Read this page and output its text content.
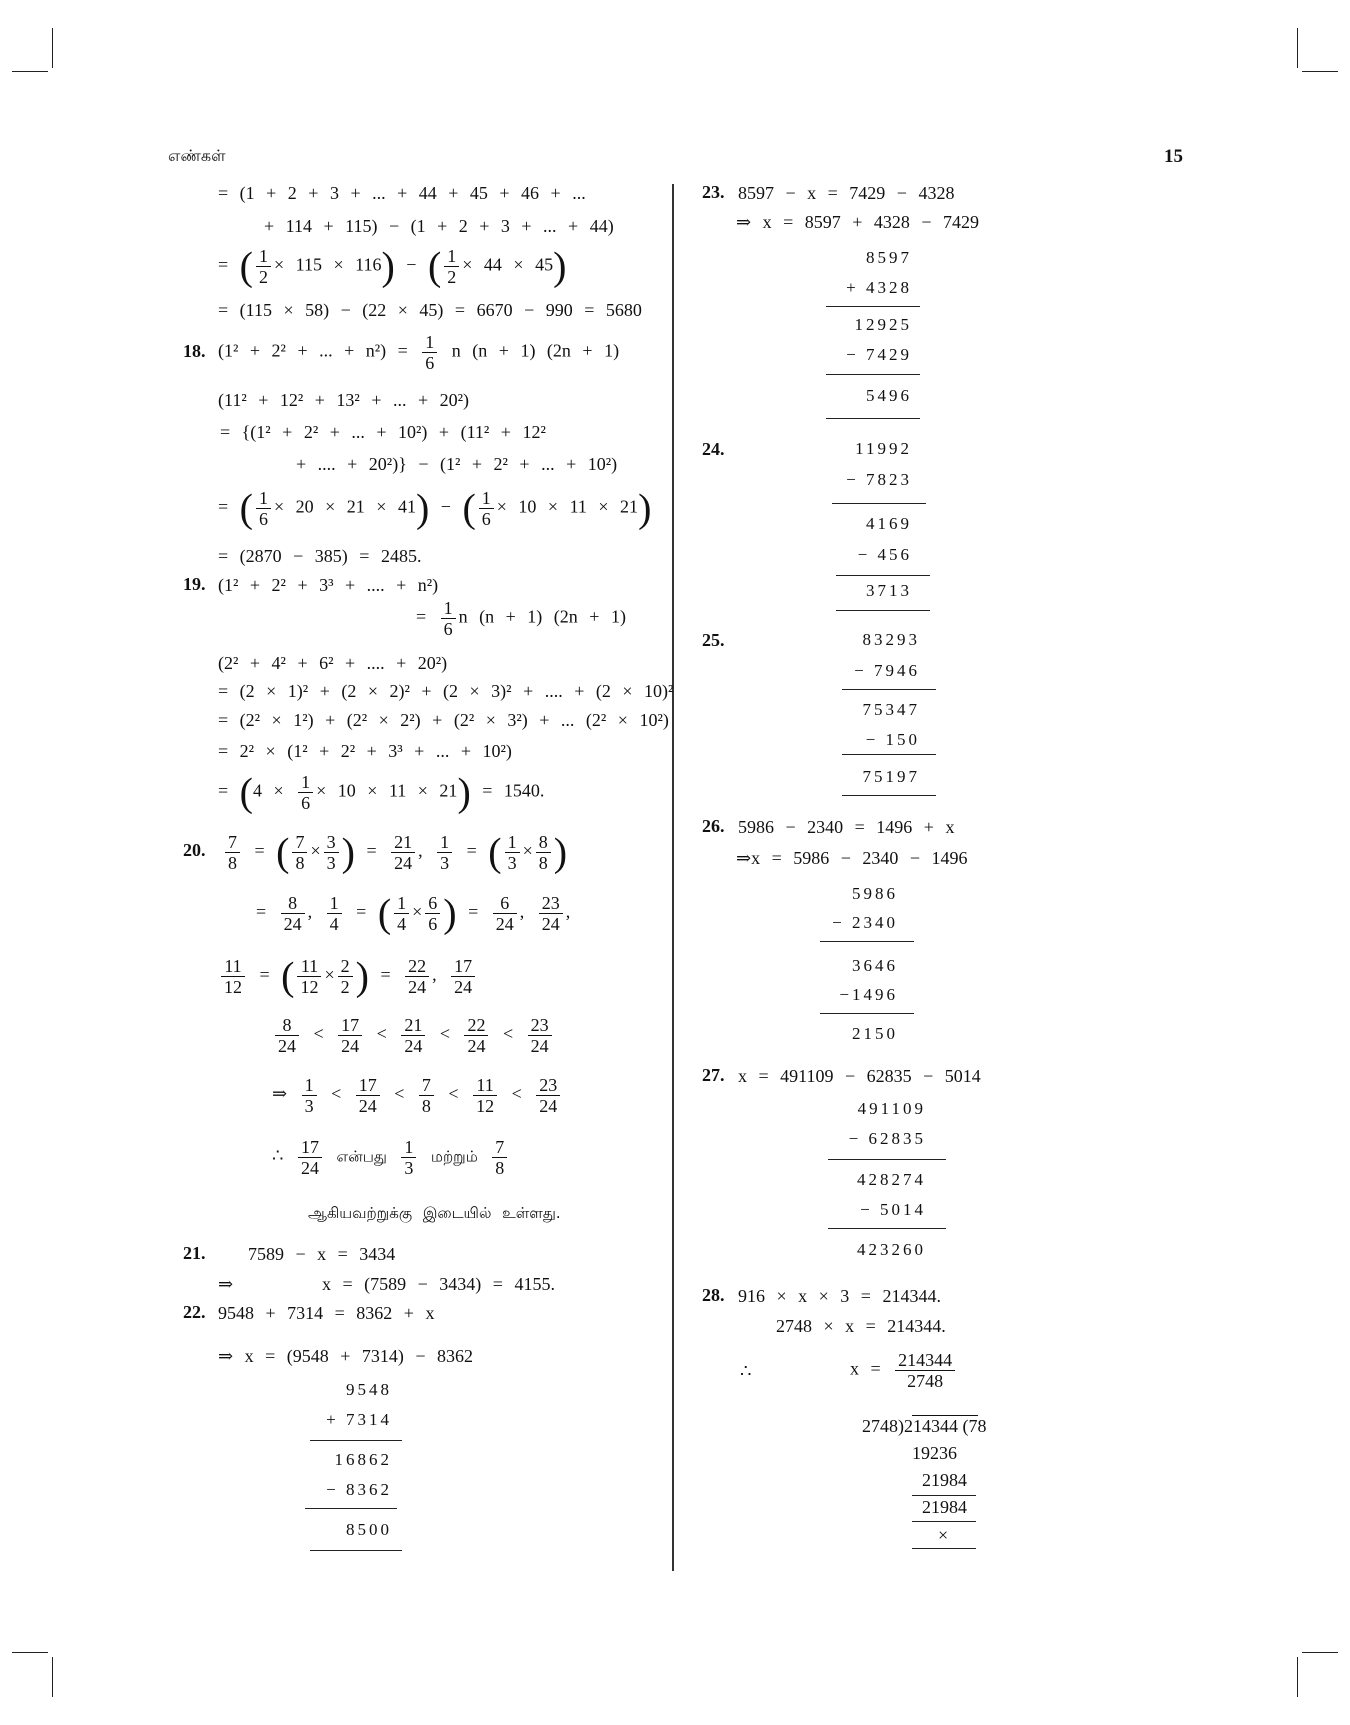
எண்கள்	15
= (1 + 2 + 3 + ... + 44 + 45 + 46 + ...
+ 114 + 115) − (1 + 2 + 3 + ... + 44)
= ( $\frac{1}{2} \times 115 \times 116$) − ( $\frac{1}{2} \times 44 \times 45$)
= (115 × 58) − (22 × 45) = 6670 − 990 = 5680
18. (1² + 2² + ... + $n^2) = \frac{1}{6}$ n (n + 1) (2n + 1)
(11² + 12² + 13² + ... + 20²)
= {(1² + 2² + ... + 10²) + (11² + 12²
+ .... + 20²)} − (1² + 2² + ... + 10²)
= ( $\frac{1}{6} \times 20 \times 21 \times 41$) − ( $\frac{1}{6} \times 10 \times 11 \times 21$)
= (2870 − 385) = 2485.
19. (1² + 2² + 3³ + .... + n²)
= $\frac{1}{6}$ n (n + 1) (2n + 1)
(2² + 4² + 6² + .... + 20²)
= (2 × 1)² + (2 × 2)² + (2 × 3)² + .... + (2 × 10)²
= (2² × 1²) + (2² × 2²) + (2² × 3²) + ... (2² × 10²)
= 2² × (1² + 2² + 3³ + ... + 10²)
= $(4 \times \frac{1}{6} \times 10 \times 11 \times 21) = 1540$.
20. $\frac{7}{8}$ = ( $\frac{7}{8} \times \frac{3}{3}$ ) = $\frac{21}{24}$ , $\frac{1}{3}$ = ( $\frac{1}{3} \times \frac{8}{8}$ )
= $\frac{8}{24}$ , $\frac{1}{4}$ = ( $\frac{1}{4} \times \frac{6}{6}$ ) = $\frac{6}{24}$ , $\frac{23}{24}$ ,
$\frac{11}{12}$ = ( $\frac{11}{12} \times \frac{2}{2}$ ) = $\frac{22}{24}$ , $\frac{17}{24}$
$\frac{8}{24} < \frac{17}{24} < \frac{21}{24} < \frac{22}{24} < \frac{23}{24}$
⇒ $\frac{1}{3} < \frac{17}{24} < \frac{7}{8} < \frac{11}{12} < \frac{23}{24}$
∴ $\frac{17}{24}$ என்பது $\frac{1}{3}$ மற்றும் $\frac{7}{8}$
ஆகியவற்றுக்கு இடையில் உள்ளது.
21. 7589 − x = 3434
⇒	x = (7589 − 3434) = 4155.
22. 9548 + 7314 = 8362 + x
⇒ x = (9548 + 7314) − 8362
9548
+ 7314
16862
− 8362
8500
23. 8597 − x = 7429 − 4328
⇒ x = 8597 + 4328 − 7429
8597
+ 4328
12925
− 7429
5496
24.	11992
− 7823
4169
− 456
3713
25.	83293
− 7946
75347
− 150
75197
26. 5986 − 2340 = 1496 + x
⇒x = 5986 − 2340 − 1496
5986
− 2340
3646
−1496
2150
27. x = 491109 − 62835 − 5014
491109
− 62835
428274
− 5014
423260
28. 916 × x × 3 = 214344.
2748 × x = 214344.
∴	$x = \frac{214344}{2748}$
2748)214344 (78
19236
21984
21984
×
